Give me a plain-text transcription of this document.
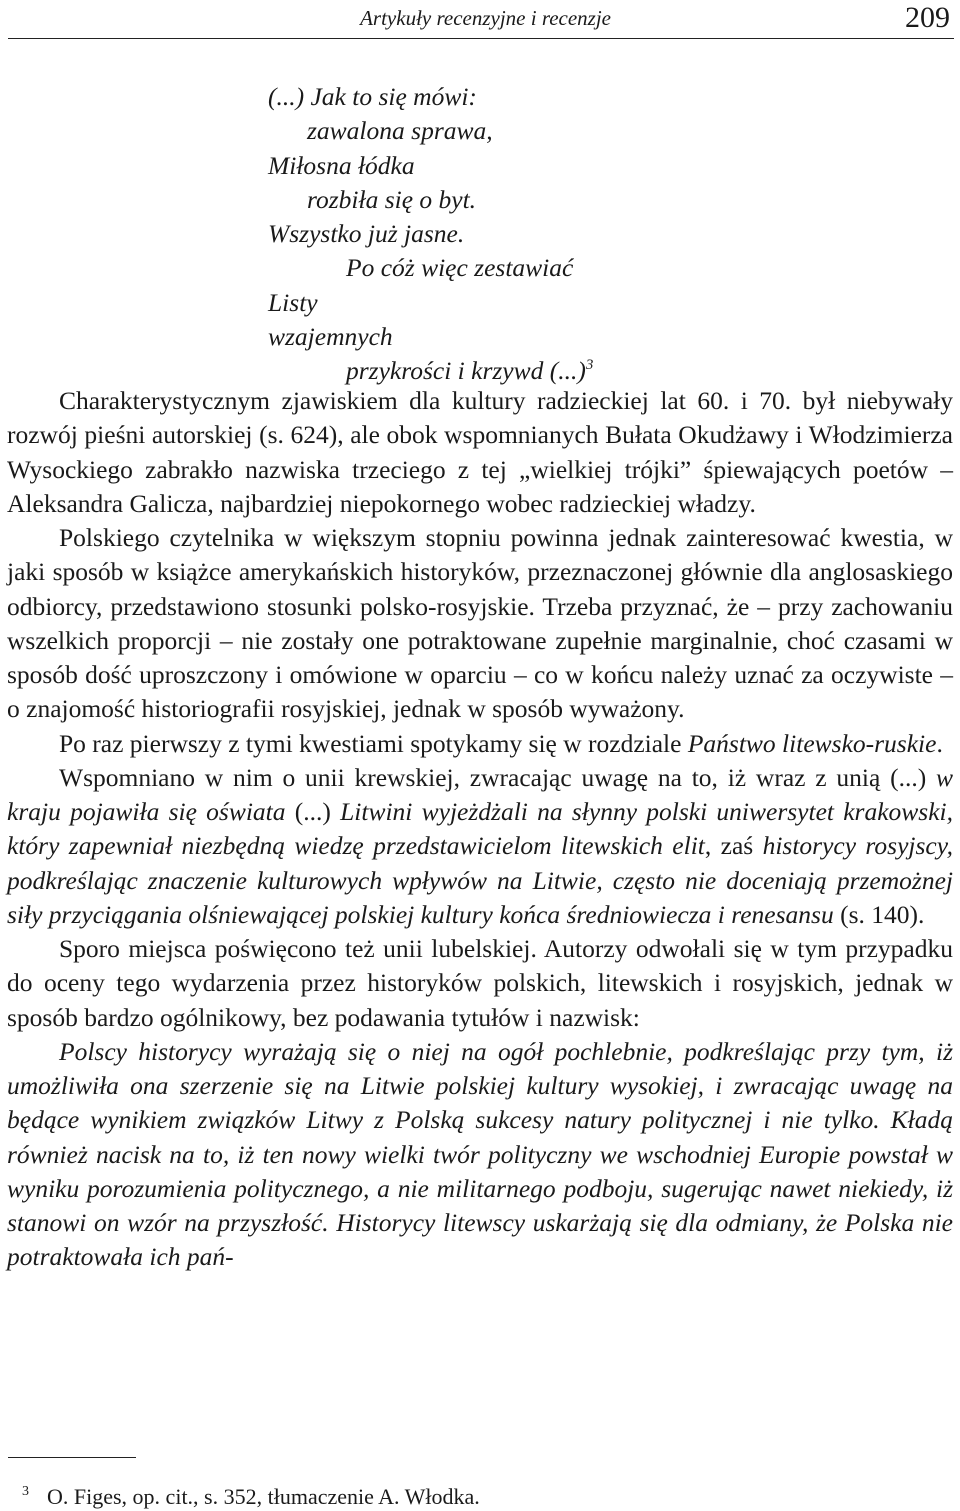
Artykuły recenzyjne i recenzje	209
(...) Jak to się mówi:
zawalona sprawa,
Miłosna łódka
rozbiła się o byt.
Wszystko już jasne.
Po cóż więc zestawiać
Listy
wzajemnych
przykrości i krzywd (...)$^3$

Charakterystycznym zjawiskiem dla kultury radzieckiej lat 60. i 70. był niebywały rozwój pieśni autorskiej (s. 624), ale obok wspomnianych Bułata Okudżawy i Włodzimierza Wysockiego zabrakło nazwiska trzeciego z tej „wielkiej trójki” śpiewających poetów – Aleksandra Galicza, najbardziej niepokornego wobec radzieckiej władzy.

Polskiego czytelnika w większym stopniu powinna jednak zainteresować kwestia, w jaki sposób w książce amerykańskich historyków, przeznaczonej głównie dla anglosaskiego odbiorcy, przedstawiono stosunki polsko-rosyjskie. Trzeba przyznać, że – przy zachowaniu wszelkich proporcji – nie zostały one potraktowane zupełnie marginalnie, choć czasami w sposób dość uproszczony i omówione w oparciu – co w końcu należy uznać za oczywiste – o znajomość historiografii rosyjskiej, jednak w sposób wyważony.

Po raz pierwszy z tymi kwestiami spotykamy się w rozdziale Państwo litewsko-ruskie.

Wspomniano w nim o unii krewskiej, zwracając uwagę na to, iż wraz z unią (...) w kraju pojawiła się oświata (...) Litwini wyjeżdżali na słynny polski uniwersytet krakowski, który zapewniał niezbędną wiedzę przedstawicielom litewskich elit, zaś historycy rosyjscy, podkreślając znaczenie kulturowych wpływów na Litwie, często nie doceniają przemożnej siły przyciągania olśniewającej polskiej kultury końca średniowiecza i renesansu (s. 140).

Sporo miejsca poświęcono też unii lubelskiej. Autorzy odwołali się w tym przypadku do oceny tego wydarzenia przez historyków polskich, litewskich i rosyjskich, jednak w sposób bardzo ogólnikowy, bez podawania tytułów i nazwisk:

Polscy historycy wyrażają się o niej na ogół pochlebnie, podkreślając przy tym, iż umożliwiła ona szerzenie się na Litwie polskiej kultury wysokiej, i zwracając uwagę na będące wynikiem związków Litwy z Polską sukcesy natury politycznej i nie tylko. Kładą również nacisk na to, iż ten nowy wielki twór polityczny we wschodniej Europie powstał w wyniku porozumienia politycznego, a nie militarnego podboju, sugerując nawet niekiedy, iż stanowi on wzór na przyszłość. Historycy litewscy uskarżają się dla odmiany, że Polska nie potraktowała ich pań-

$^3$ O. Figes, op. cit., s. 352, tłumaczenie A. Włodka.
